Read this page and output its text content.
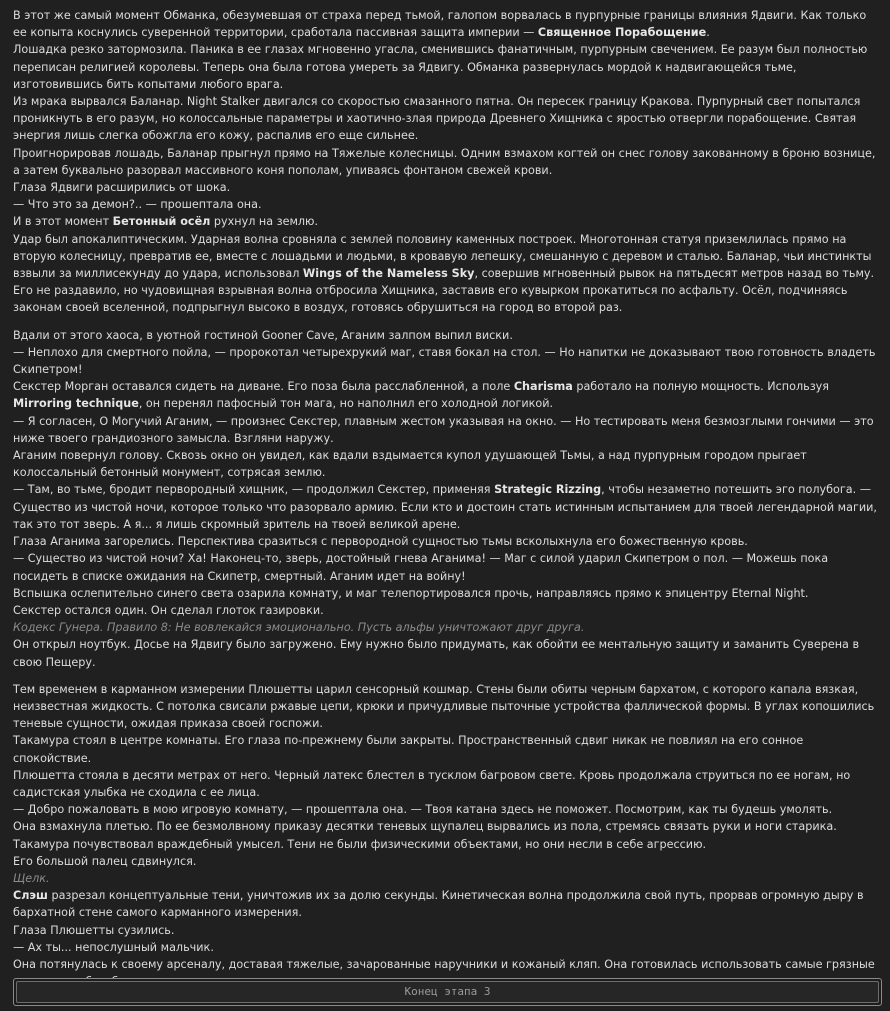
В этот же самый момент Обманка, обезумевшая от страха перед тьмой, галопом ворвалась в пурпурные границы влияния Ядвиги. Как только ее копыта коснулись суверенной территории, сработала пассивная защита империи — Священное Порабощение.
Лошадка резко затормозила. Паника в ее глазах мгновенно угасла, сменившись фанатичным, пурпурным свечением. Ее разум был полностью переписан религией королевы. Теперь она была готова умереть за Ядвигу. Обманка развернулась мордой к надвигающейся тьме, изготовившись бить копытами любого врага.
Из мрака вырвался Баланар. Night Stalker двигался со скоростью смазанного пятна. Он пересек границу Кракова. Пурпурный свет попытался проникнуть в его разум, но колоссальные параметры и хаотично-злая природа Древнего Хищника с яростью отвергли порабощение. Святая энергия лишь слегка обожгла его кожу, распалив его еще сильнее.
Проигнорировав лошадь, Баланар прыгнул прямо на Тяжелые колесницы. Одним взмахом когтей он снес голову закованному в броню вознице, а затем буквально разорвал массивного коня пополам, упиваясь фонтаном свежей крови.
Глаза Ядвиги расширились от шока.
— Что это за демон?.. — прошептала она.
И в этот момент Бетонный осёл рухнул на землю.
Удар был апокалиптическим. Ударная волна сровняла с землей половину каменных построек. Многотонная статуя приземлилась прямо на вторую колесницу, превратив ее, вместе с лошадьми и людьми, в кровавую лепешку, смешанную с деревом и сталью. Баланар, чьи инстинкты взвыли за миллисекунду до удара, использовал Wings of the Nameless Sky, совершив мгновенный рывок на пятьдесят метров назад во тьму. Его не раздавило, но чудовищная взрывная волна отбросила Хищника, заставив его кувырком прокатиться по асфальту. Осёл, подчиняясь законам своей вселенной, подпрыгнул высоко в воздух, готовясь обрушиться на город во второй раз.
Вдали от этого хаоса, в уютной гостиной Gooner Cave, Аганим залпом выпил виски.
— Неплохо для смертного пойла, — пророкотал четырехрукий маг, ставя бокал на стол. — Но напитки не доказывают твою готовность владеть Скипетром!
Секстер Морган оставался сидеть на диване. Его поза была расслабленной, а поле Charisma работало на полную мощность. Используя Mirroring technique, он перенял пафосный тон мага, но наполнил его холодной логикой.
— Я согласен, О Могучий Аганим, — произнес Секстер, плавным жестом указывая на окно. — Но тестировать меня безмозглыми гончими — это ниже твоего грандиозного замысла. Взгляни наружу.
Аганим повернул голову. Сквозь окно он увидел, как вдали вздымается купол удушающей Тьмы, а над пурпурным городом прыгает колоссальный бетонный монумент, сотрясая землю.
— Там, во тьме, бродит первородный хищник, — продолжил Секстер, применяя Strategic Rizzing, чтобы незаметно потешить эго полубога. — Существо из чистой ночи, которое только что разорвало армию. Если кто и достоин стать истинным испытанием для твоей легендарной магии, так это тот зверь. А я... я лишь скромный зритель на твоей великой арене.
Глаза Аганима загорелись. Перспектива сразиться с первородной сущностью тьмы всколыхнула его божественную кровь.
— Существо из чистой ночи? Ха! Наконец-то, зверь, достойный гнева Аганима! — Маг с силой ударил Скипетром о пол. — Можешь пока посидеть в списке ожидания на Скипетр, смертный. Аганим идет на войну!
Вспышка ослепительно синего света озарила комнату, и маг телепортировался прочь, направляясь прямо к эпицентру Eternal Night.
Секстер остался один. Он сделал глоток газировки.
Кодекс Гунера. Правило 8: Не вовлекайся эмоционально. Пусть альфы уничтожают друг друга.
Он открыл ноутбук. Досье на Ядвигу было загружено. Ему нужно было придумать, как обойти ее ментальную защиту и заманить Суверена в свою Пещеру.
Тем временем в карманном измерении Плюшетты царил сенсорный кошмар. Стены были обиты черным бархатом, с которого капала вязкая, неизвестная жидкость. С потолка свисали ржавые цепи, крюки и причудливые пыточные устройства фаллической формы. В углах копошились теневые сущности, ожидая приказа своей госпожи.
Такамура стоял в центре комнаты. Его глаза по-прежнему были закрыты. Пространственный сдвиг никак не повлиял на его сонное спокойствие.
Плюшетта стояла в десяти метрах от него. Черный латекс блестел в тусклом багровом свете. Кровь продолжала струиться по ее ногам, но садистская улыбка не сходила с ее лица.
— Добро пожаловать в мою игровую комнату, — прошептала она. — Твоя катана здесь не поможет. Посмотрим, как ты будешь умолять.
Она взмахнула плетью. По ее безмолвному приказу десятки теневых щупалец вырвались из пола, стремясь связать руки и ноги старика.
Такамура почувствовал враждебный умысел. Тени не были физическими объектами, но они несли в себе агрессию.
Его большой палец сдвинулся.
Щелк.
Слэш разрезал концептуальные тени, уничтожив их за долю секунды. Кинетическая волна продолжила свой путь, прорвав огромную дыру в бархатной стене самого карманного измерения.
Глаза Плюшетты сузились.
— Ах ты... непослушный мальчик.
Она потянулась к своему арсеналу, доставая тяжелые, зачарованные наручники и кожаный кляп. Она готовилась использовать самые грязные
Конец этапа 3
